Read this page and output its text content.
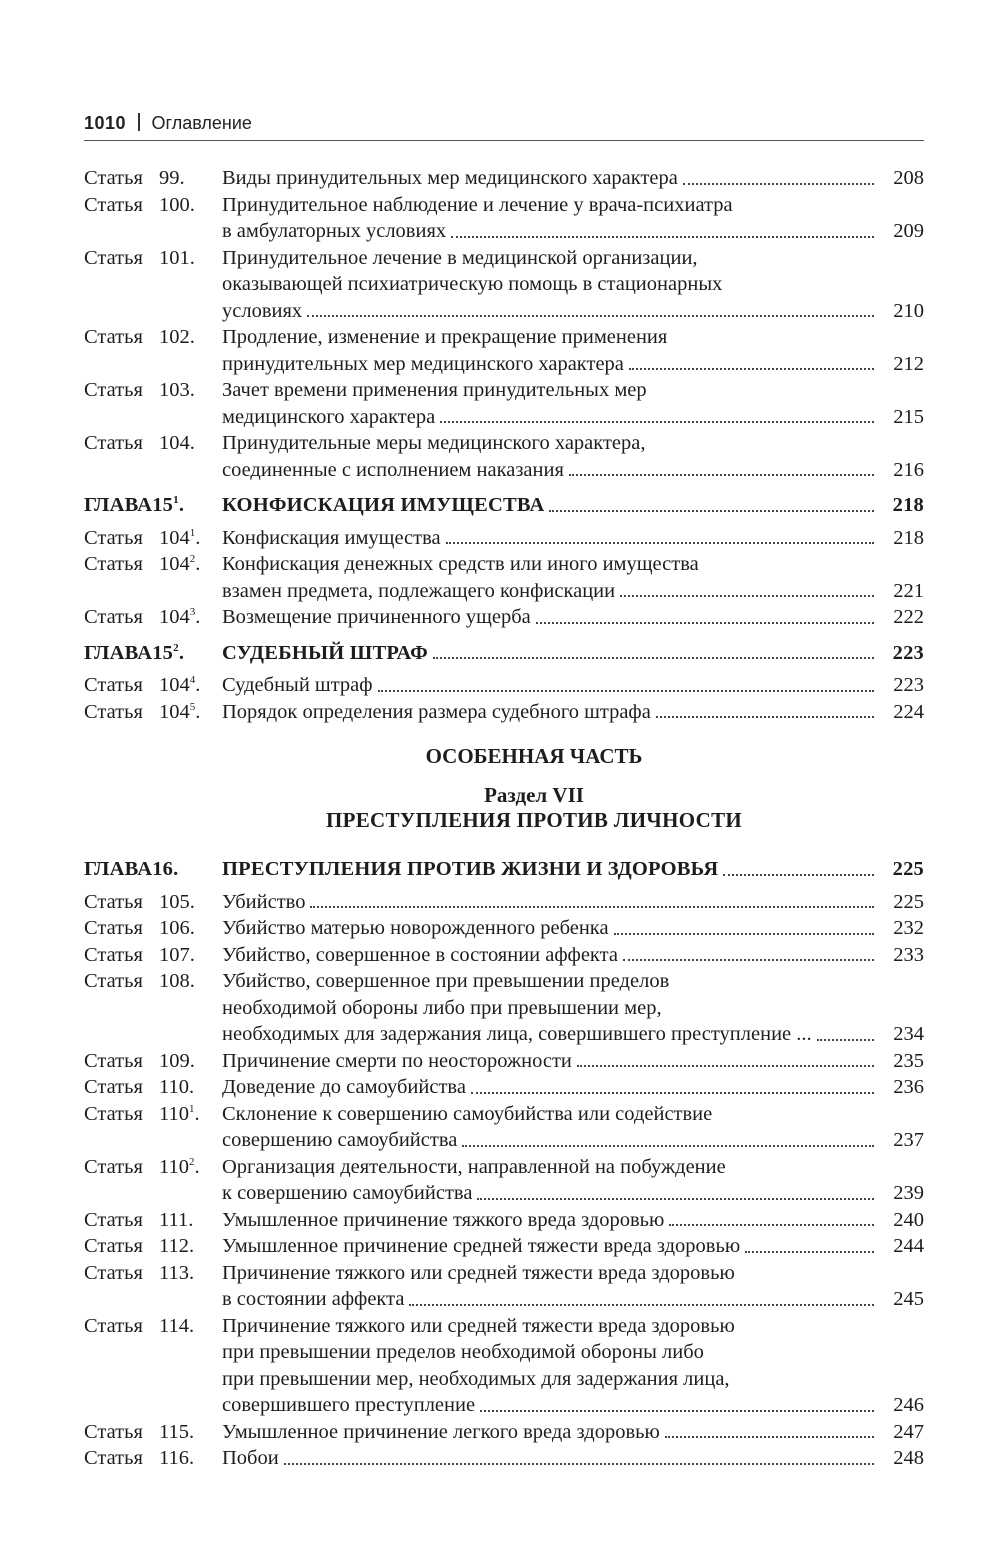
1010 Оглавление
Статья 99.	Виды принудительных мер медицинского характера	208
Статья 100.	Принудительное наблюдение и лечение у врача-психиатра
в амбулаторных условиях	209
Статья 101.	Принудительное лечение в медицинской организации,
оказывающей психиатрическую помощь в стационарных
условиях	210
Статья 102.	Продление, изменение и прекращение применения
принудительных мер медицинского характера	212
Статья 103.	Зачет времени применения принудительных мер
медицинского характера	215
Статья 104.	Принудительные меры медицинского характера,
соединенные с исполнением наказания	216
$ГЛАВА15^1$.	КОНФИСКАЦИЯ ИМУЩЕСТВА	218
Статья $104^1$.	Конфискация имущества	218
Статья $104^2$.	Конфискация денежных средств или иного имущества
взамен предмета, подлежащего конфискации	221
Статья $104^3$.	Возмещение причиненного ущерба	222
$ГЛАВА15^2$.	СУДЕБНЫЙ ШТРАФ	223
Статья $104^4$.	Судебный штраф	223
Статья $104^5$.	Порядок определения размера судебного штрафа	224
ОСОБЕННАЯ ЧАСТЬ
Раздел VII
ПРЕСТУПЛЕНИЯ ПРОТИВ ЛИЧНОСТИ
ГЛАВА16.	ПРЕСТУПЛЕНИЯ ПРОТИВ ЖИЗНИ И ЗДОРОВЬЯ	225
Статья 105.	Убийство	225
Статья 106.	Убийство матерью новорожденного ребенка	232
Статья 107.	Убийство, совершенное в состоянии аффекта	233
Статья 108.	Убийство, совершенное при превышении пределов
необходимой обороны либо при превышении мер,
необходимых для задержания лица, совершившего преступление ...	234
Статья 109.	Причинение смерти по неосторожности	235
Статья 110.	Доведение до самоубийства	236
Статья $110^1$.	Склонение к совершению самоубийства или содействие
совершению самоубийства	237
Статья $110^2$.	Организация деятельности, направленной на побуждение
к совершению самоубийства	239
Статья 111.	Умышленное причинение тяжкого вреда здоровью	240
Статья 112.	Умышленное причинение средней тяжести вреда здоровью	244
Статья 113.	Причинение тяжкого или средней тяжести вреда здоровью
в состоянии аффекта	245
Статья 114.	Причинение тяжкого или средней тяжести вреда здоровью
при превышении пределов необходимой обороны либо
при превышении мер, необходимых для задержания лица,
совершившего преступление	246
Статья 115.	Умышленное причинение легкого вреда здоровью	247
Статья 116.	Побои	248
